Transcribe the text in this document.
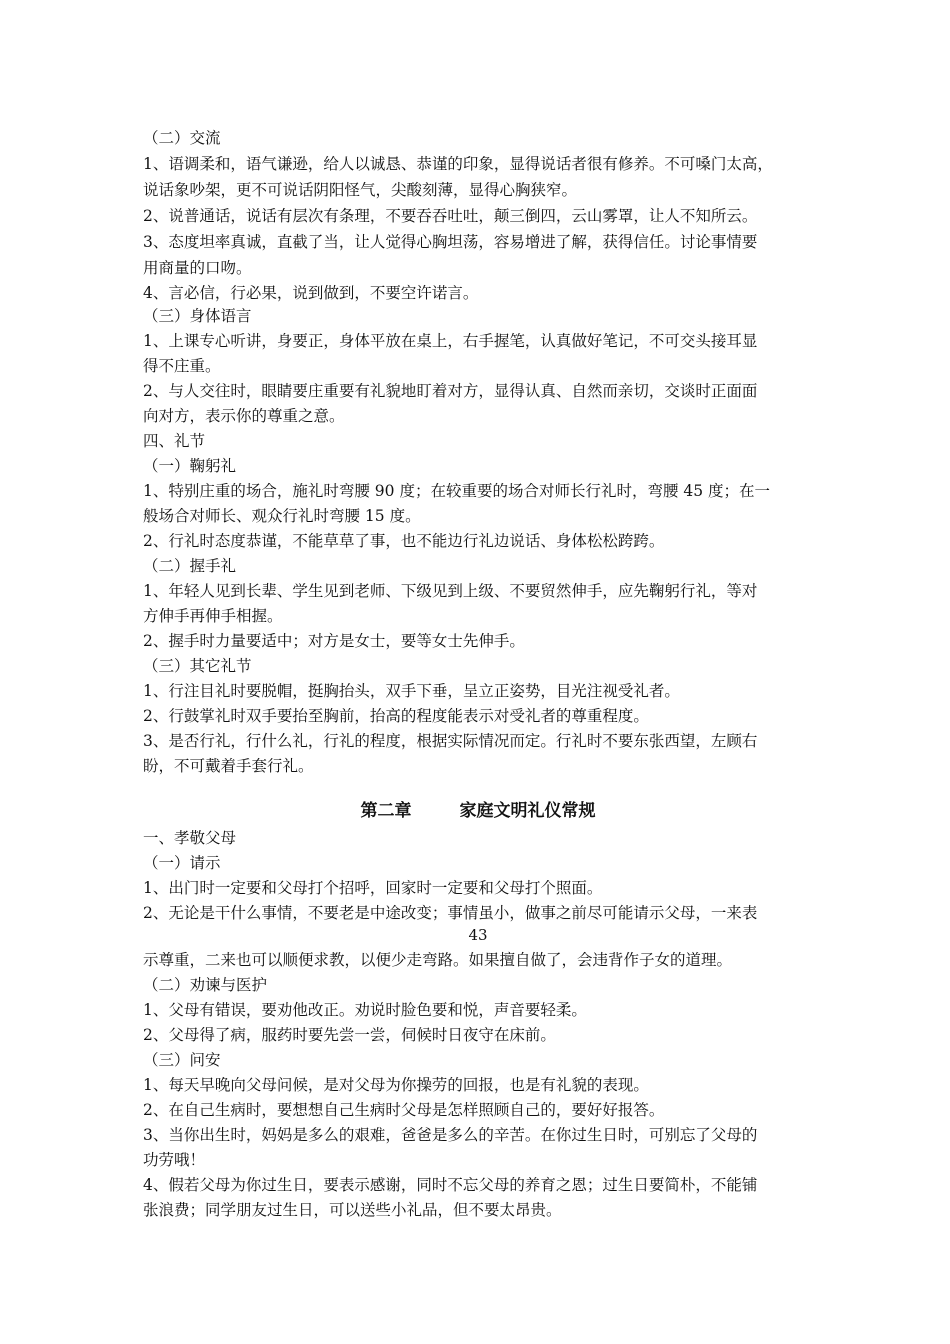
（二）交流
1、语调柔和，语气谦逊，给人以诚恳、恭谨的印象，显得说话者很有修养。不可嗓门太高，
说话象吵架，更不可说话阴阳怪气，尖酸刻薄，显得心胸狭窄。
2、说普通话，说话有层次有条理，不要吞吞吐吐，颠三倒四，云山雾罩，让人不知所云。
3、态度坦率真诚，直截了当，让人觉得心胸坦荡，容易增进了解，获得信任。讨论事情要
用商量的口吻。
4、言必信，行必果，说到做到，不要空许诺言。
（三）身体语言
1、上课专心听讲，身要正，身体平放在桌上，右手握笔，认真做好笔记，不可交头接耳显
得不庄重。
2、与人交往时，眼睛要庄重要有礼貌地盯着对方，显得认真、自然而亲切，交谈时正面面
向对方，表示你的尊重之意。
四、礼节
（一）鞠躬礼
1、特别庄重的场合，施礼时弯腰 90 度；在较重要的场合对师长行礼时，弯腰 45 度；在一
般场合对师长、观众行礼时弯腰 15 度。
2、行礼时态度恭谨，不能草草了事，也不能边行礼边说话、身体松松跨跨。
（二）握手礼
1、年轻人见到长辈、学生见到老师、下级见到上级、不要贸然伸手，应先鞠躬行礼，等对
方伸手再伸手相握。
2、握手时力量要适中；对方是女士，要等女士先伸手。
（三）其它礼节
1、行注目礼时要脱帽，挺胸抬头，双手下垂，呈立正姿势，目光注视受礼者。
2、行鼓掌礼时双手要抬至胸前，抬高的程度能表示对受礼者的尊重程度。
3、是否行礼，行什么礼，行礼的程度，根据实际情况而定。行礼时不要东张西望，左顾右
盼，不可戴着手套行礼。
第二章	家庭文明礼仪常规
一、孝敬父母
（一）请示
1、出门时一定要和父母打个招呼，回家时一定要和父母打个照面。
2、无论是干什么事情，不要老是中途改变；事情虽小，做事之前尽可能请示父母，一来表
43
示尊重，二来也可以顺便求教，以便少走弯路。如果擅自做了，会违背作子女的道理。
（二）劝谏与医护
1、父母有错误，要劝他改正。劝说时脸色要和悦，声音要轻柔。
2、父母得了病，服药时要先尝一尝，伺候时日夜守在床前。
（三）问安
1、每天早晚向父母问候，是对父母为你操劳的回报，也是有礼貌的表现。
2、在自己生病时，要想想自己生病时父母是怎样照顾自己的，要好好报答。
3、当你出生时，妈妈是多么的艰难，爸爸是多么的辛苦。在你过生日时，可别忘了父母的
功劳哦！
4、假若父母为你过生日，要表示感谢，同时不忘父母的养育之恩；过生日要简朴，不能铺
张浪费；同学朋友过生日，可以送些小礼品，但不要太昂贵。
